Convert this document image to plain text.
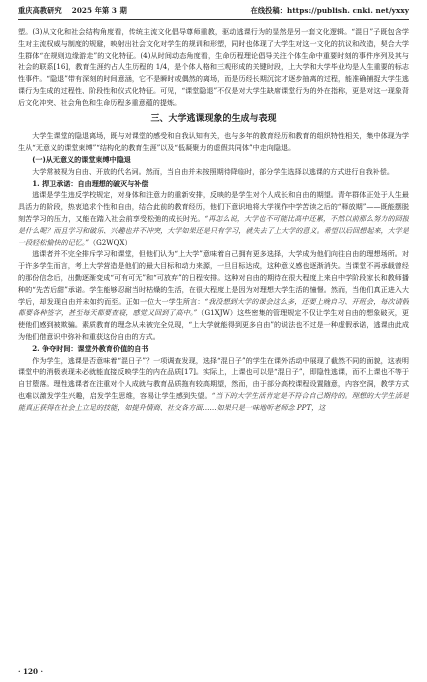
重庆高教研究 2025 年第 3 期	在线投稿：https://publish. cnki. net/yxxy

塑。(3)从文化和社会结构角度看，传统主流文化倡导尊师重教，驱动逃课行为的显然是另一套文化逻辑。“混日”子既包含学生对主流权威与制度的规避，映射出社会文化对学生的规训和形塑，同时也体现了大学生对这一文化的抗议和改造，契合大学生群体“在规则边缘游走”的文化特征。(4)从时间动态角度看，生命历程理论倡导关注个体生命中重要时刻的事件序列及其与社会的联系[16]，教育生涯约占人生历程的 1/4，是个体人格和三观形成的关键时段，上大学和大学毕业均是人生重要的标志性事件。“隐退”带有深刻的时间意涵，它不是瞬时或偶然的离场，而是历经长期沉淀才逐步抽离的过程，能准确捕捉大学生逃课行为生成的过程性、阶段性和仪式化特征。可见，“课堂隐退”不仅是对大学生缺席课堂行为的外在指称，更是对这一现象背后文化冲突、社会角色和生命历程多重意蕴的提炼。

三、大学逃课现象的生成与表现

大学生课堂的隐退离场，既与对课堂的感受和自我认知有关，也与多年的教育经历和教育的组织特性相关，集中体现为学生从“无意义的课堂束缚”“结构化的教育生涯”以及“低凝聚力的虚假共同体”中走向隐退。

(一)从无意义的课堂束缚中隐退

大学常被视为自由、开放的代名词。然而，当自由并未按照期待降临时，部分学生选择以逃课的方式进行自我补偿。

1. 捍卫承诺：自由理想的破灭与补偿

逃课是学生违反学校规定，对身体和注意力的重新安排，反映的是学生对个人成长和自由的期望。青年群体正处于人生最具活力的阶段，热衷追求个性和自由，结合此前的教育经历，他们下意识地将大学视作中学苦读之后的“释放期”——既能摆脱刻苦学习的压力，又能在踏入社会前享受松弛的成长时光。“再怎么说，大学也不可能比高中还累，不然以前那么努力的回报是什么呢？而且学习和破乐、兴趣也并不冲突，大学如果还是只有学习，就失去了上大学的意义。希望以后回想起来，大学是一段轻松愉快的记忆。”（G2WQX）

逃课者并不完全排斥学习和课堂，但他们认为“上大学”意味着自己拥有更多选择，大学成为他们向往自由的理想场所。对于许多学生而言，考上大学营造是他们的最大目标和动力来源，一旦目标达成，这种意义感也逐渐消失。当课堂不再承载曾经的那份信念后，出勤逐渐变成“可有可无”和“可放弃”的日程安排。这种对自由的期待在很大程度上来自中学阶段家长和教师播种的“先苦后甜”承诺。学生能够忍耐当时枯燥的生活，在很大程度上是因为对理想大学生活的憧憬。然而，当他们真正进入大学后，却发现自由并未如约而至。正如一位大一学生所言：“我没想到大学的课会这么多，还要上晚自习、开班会，每次请假都要各种签字，甚至每天都要查寝，感觉又回到了高中。”（G1XJW）这些密集的管理规定不仅让学生对自由的想象破灭，更使他们感到被欺骗。素质教育的理念从未被完全兑现，“上大学就能得到更多自由”的说法也不过是一种虚假承诺，逃课由此成为他们借意识中弥补和重获这份自由的方式。

2. 争夺时间：课堂外教育价值的自书

作为学生，逃课是否意味着“混日子”？一项调查发现，选择“混日子”的学生在课外活动中展现了截然不同的面貌，这表明课堂中的消极表现未必就能直接反映学生的内在品质[17]。实际上，上课也可以是“混日子”，即隐性逃课，而不上课也不等于自甘堕落。理性逃课者在注重对个人成就与教育品质拖有较高期望，然而，由于部分高校课程设置随意，内容空洞，教学方式也难以激发学生兴趣，启发学生思维，容易让学生感到失望。“当下的大学生活肯定是不符合自己期待的。理想的大学生活是能真正获得在社会上立足的技能，如提升情商、社交各方面……如果只是一味地听老师念 PPT，这

· 120 ·
